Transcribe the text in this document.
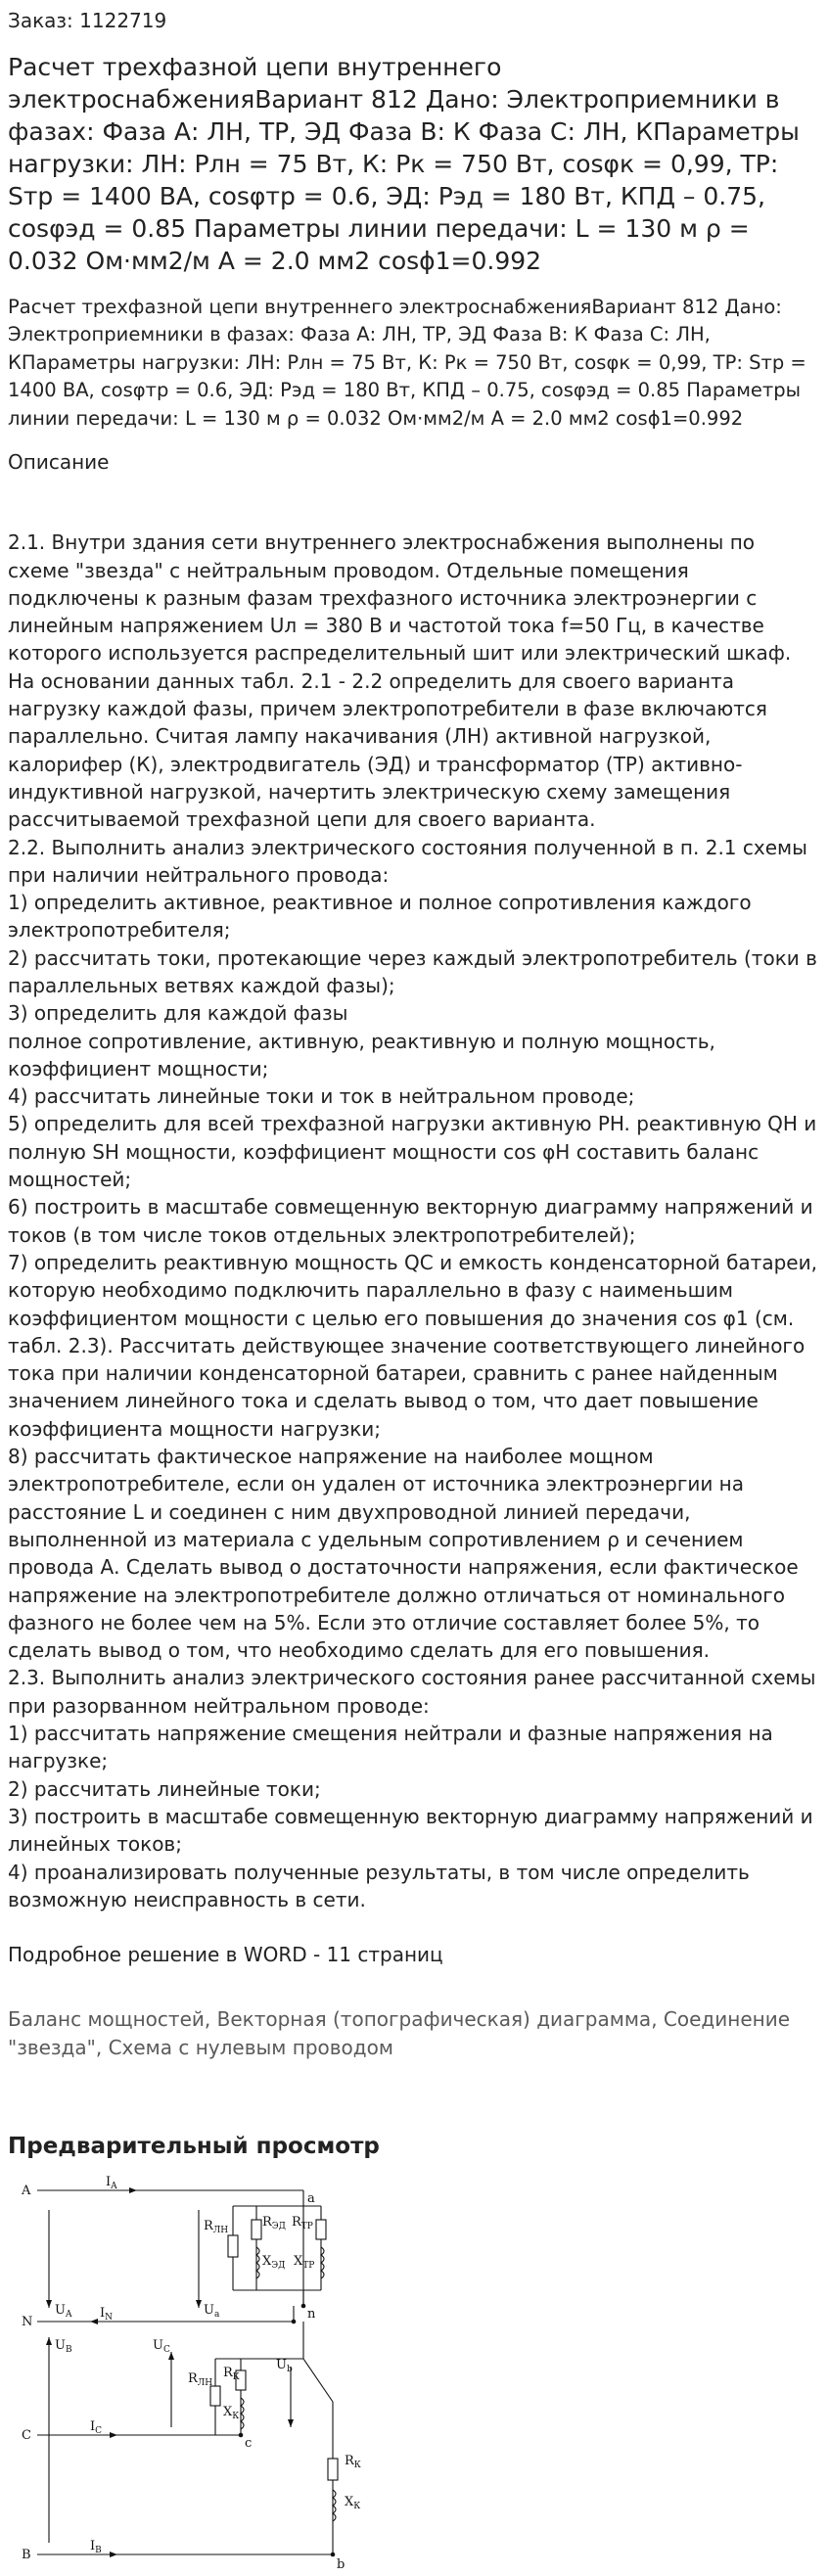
Заказ: 1122719
Расчет трехфазной цепи внутреннего электроснабженияВариант 812 Дано: Электроприемники в фазах: Фаза А: ЛН, ТР, ЭД Фаза В: К Фаза С: ЛН, КПараметры нагрузки: ЛН: Pлн = 75 Вт, К: Pк = 750 Вт, cosφк = 0,99, ТР: Sтр = 1400 ВА, cosφтр = 0.6, ЭД: Pэд = 180 Вт, КПД – 0.75, cosφэд = 0.85 Параметры линии передачи: L = 130 м ρ = 0.032 Ом·мм2/м A = 2.0 мм2 cosϕ1=0.992
Расчет трехфазной цепи внутреннего электроснабженияВариант 812 Дано: Электроприемники в фазах: Фаза А: ЛН, ТР, ЭД Фаза В: К Фаза С: ЛН, КПараметры нагрузки: ЛН: Pлн = 75 Вт, К: Pк = 750 Вт, cosφк = 0,99, ТР: Sтр = 1400 ВА, cosφтр = 0.6, ЭД: Pэд = 180 Вт, КПД – 0.75, cosφэд = 0.85 Параметры линии передачи: L = 130 м ρ = 0.032 Ом·мм2/м A = 2.0 мм2 cosϕ1=0.992
Описание

2.1. Внутри здания сети внутреннего электроснабжения выполнены по схеме "звезда" с нейтральным проводом. Отдельные помещения подключены к разным фазам трехфазного источника электроэнергии с линейным напряжением Uл = 380 В и частотой тока f=50 Гц, в качестве которого используется распределительный шит или электрический шкаф. На основании данных табл. 2.1 - 2.2 определить для своего варианта нагрузку каждой фазы, причем электропотребители в фазе включаются параллельно. Считая лампу накачивания (ЛН) активной нагрузкой, калорифер (К), электродвигатель (ЭД) и трансформатор (ТР) активно-индуктивной нагрузкой, начертить электрическую схему замещения рассчитываемой трехфазной цепи для своего варианта.

2.2. Выполнить анализ электрического состояния полученной в п. 2.1 схемы при наличии нейтрального провода:

1) определить активное, реактивное и полное сопротивления каждого электропотребителя;

2) рассчитать токи, протекающие через каждый электропотребитель (токи в параллельных ветвях каждой фазы);

3) определить для каждой фазы

полное сопротивление, активную, реактивную и полную мощность, коэффициент мощности;

4) рассчитать линейные токи и ток в нейтральном проводе;

5) определить для всей трехфазной нагрузки активную PH. реактивную QH и полную SH мощности, коэффициент мощности cos φН составить баланс мощностей;

6) построить в масштабе совмещенную векторную диаграмму напряжений и токов (в том числе токов отдельных электропотребителей);

7) определить реактивную мощность QC и емкость конденсаторной батареи, которую необходимо подключить параллельно в фазу с наименьшим коэффициентом мощности с целью его повышения до значения cos φ1 (см. табл. 2.3). Рассчитать действующее значение соответствующего линейного тока при наличии конденсаторной батареи, сравнить с ранее найденным значением линейного тока и сделать вывод о том, что дает повышение коэффициента мощности нагрузки;

8) рассчитать фактическое напряжение на наиболее мощном электропотребителе, если он удален от источника электроэнергии на расстояние L и соединен с ним двухпроводной линией передачи, выполненной из материала с удельным сопротивлением ρ и сечением провода А. Сделать вывод о достаточности напряжения, если фактическое напряжение на электропотребителе должно отличаться от номинального фазного не более чем на 5%. Если это отличие составляет более 5%, то сделать вывод о том, что необходимо сделать для его повышения.

2.3. Выполнить анализ электрического состояния ранее рассчитанной схемы при разорванном нейтральном проводе:

1) рассчитать напряжение смещения нейтрали и фазные напряжения на нагрузке;

2) рассчитать линейные токи;

3) построить в масштабе совмещенную векторную диаграмму напряжений и линейных токов;

4) проанализировать полученные результаты, в том числе определить возможную неисправность в сети.

Подробное решение в WORD - 11 страниц

Баланс мощностей, Векторная (топографическая) диаграмма, Соединение "звезда", Схема с нулевым проводом
Предварительный просмотр
A
N
C
B
a
n
c
b
$I_A$
$I_N$
$I_C$
$I_B$
$U_A$
$U_B$	$U_C$
$U_a$
$U_b$
$R_{ЛН}$
$R_{ЭД}$
$X_{ЭД}$
$R_{ТР}$
$X_{ТР}$
$R_{ЛН}$
$R_К$
$X_К$
$R_К$
$X_К$
